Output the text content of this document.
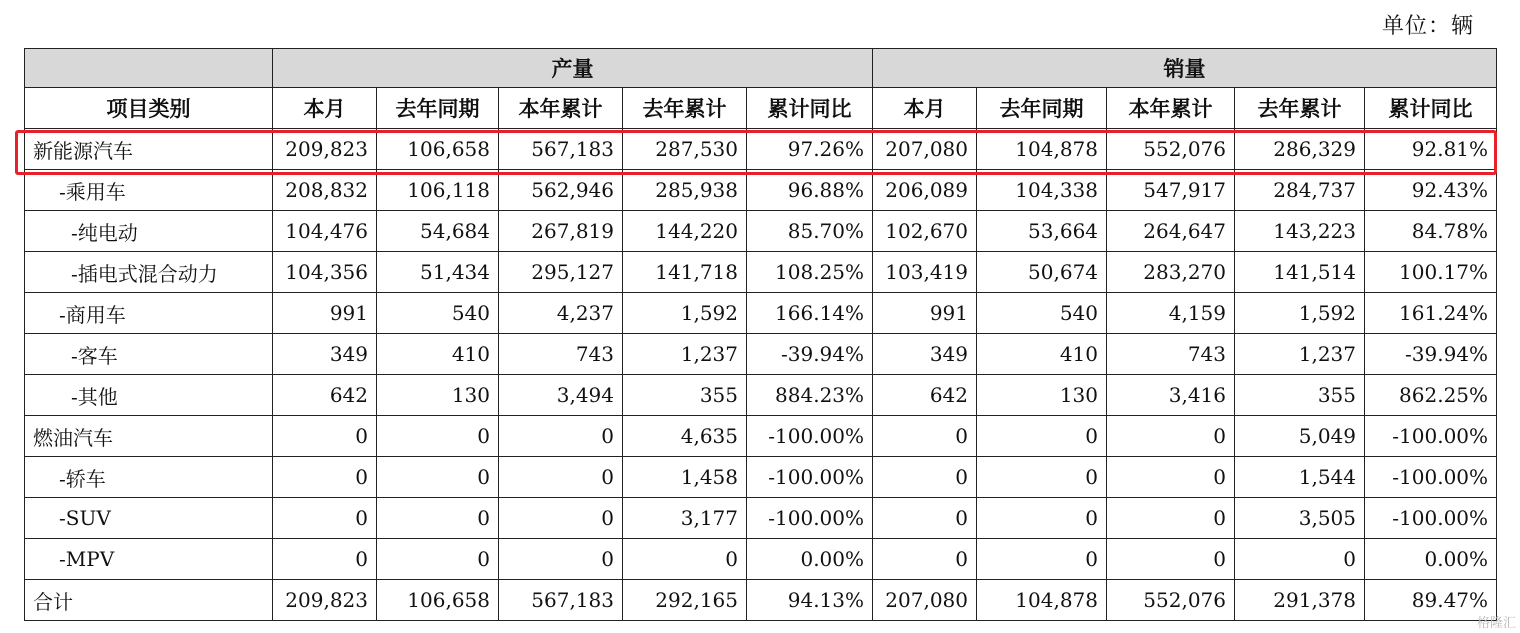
单位：辆
	产量					销量				
项目类别	本月	去年同期	本年累计	去年累计	累计同比	本月	去年同期	本年累计	去年累计	累计同比
新能源汽车	209,823	106,658	567,183	287,530	97.26%	207,080	104,878	552,076	286,329	92.81%
-乘用车	208,832	106,118	562,946	285,938	96.88%	206,089	104,338	547,917	284,737	92.43%
-纯电动	104,476	54,684	267,819	144,220	85.70%	102,670	53,664	264,647	143,223	84.78%
-插电式混合动力	104,356	51,434	295,127	141,718	108.25%	103,419	50,674	283,270	141,514	100.17%
-商用车	991	540	4,237	1,592	166.14%	991	540	4,159	1,592	161.24%
-客车	349	410	743	1,237	-39.94%	349	410	743	1,237	-39.94%
-其他	642	130	3,494	355	884.23%	642	130	3,416	355	862.25%
燃油汽车	0	0	0	4,635	-100.00%	0	0	0	5,049	-100.00%
-轿车	0	0	0	1,458	-100.00%	0	0	0	1,544	-100.00%
-SUV	0	0	0	3,177	-100.00%	0	0	0	3,505	-100.00%
-MPV	0	0	0	0	0.00%	0	0	0	0	0.00%
合计	209,823	106,658	567,183	292,165	94.13%	207,080	104,878	552,076	291,378	89.47%
格隆汇
